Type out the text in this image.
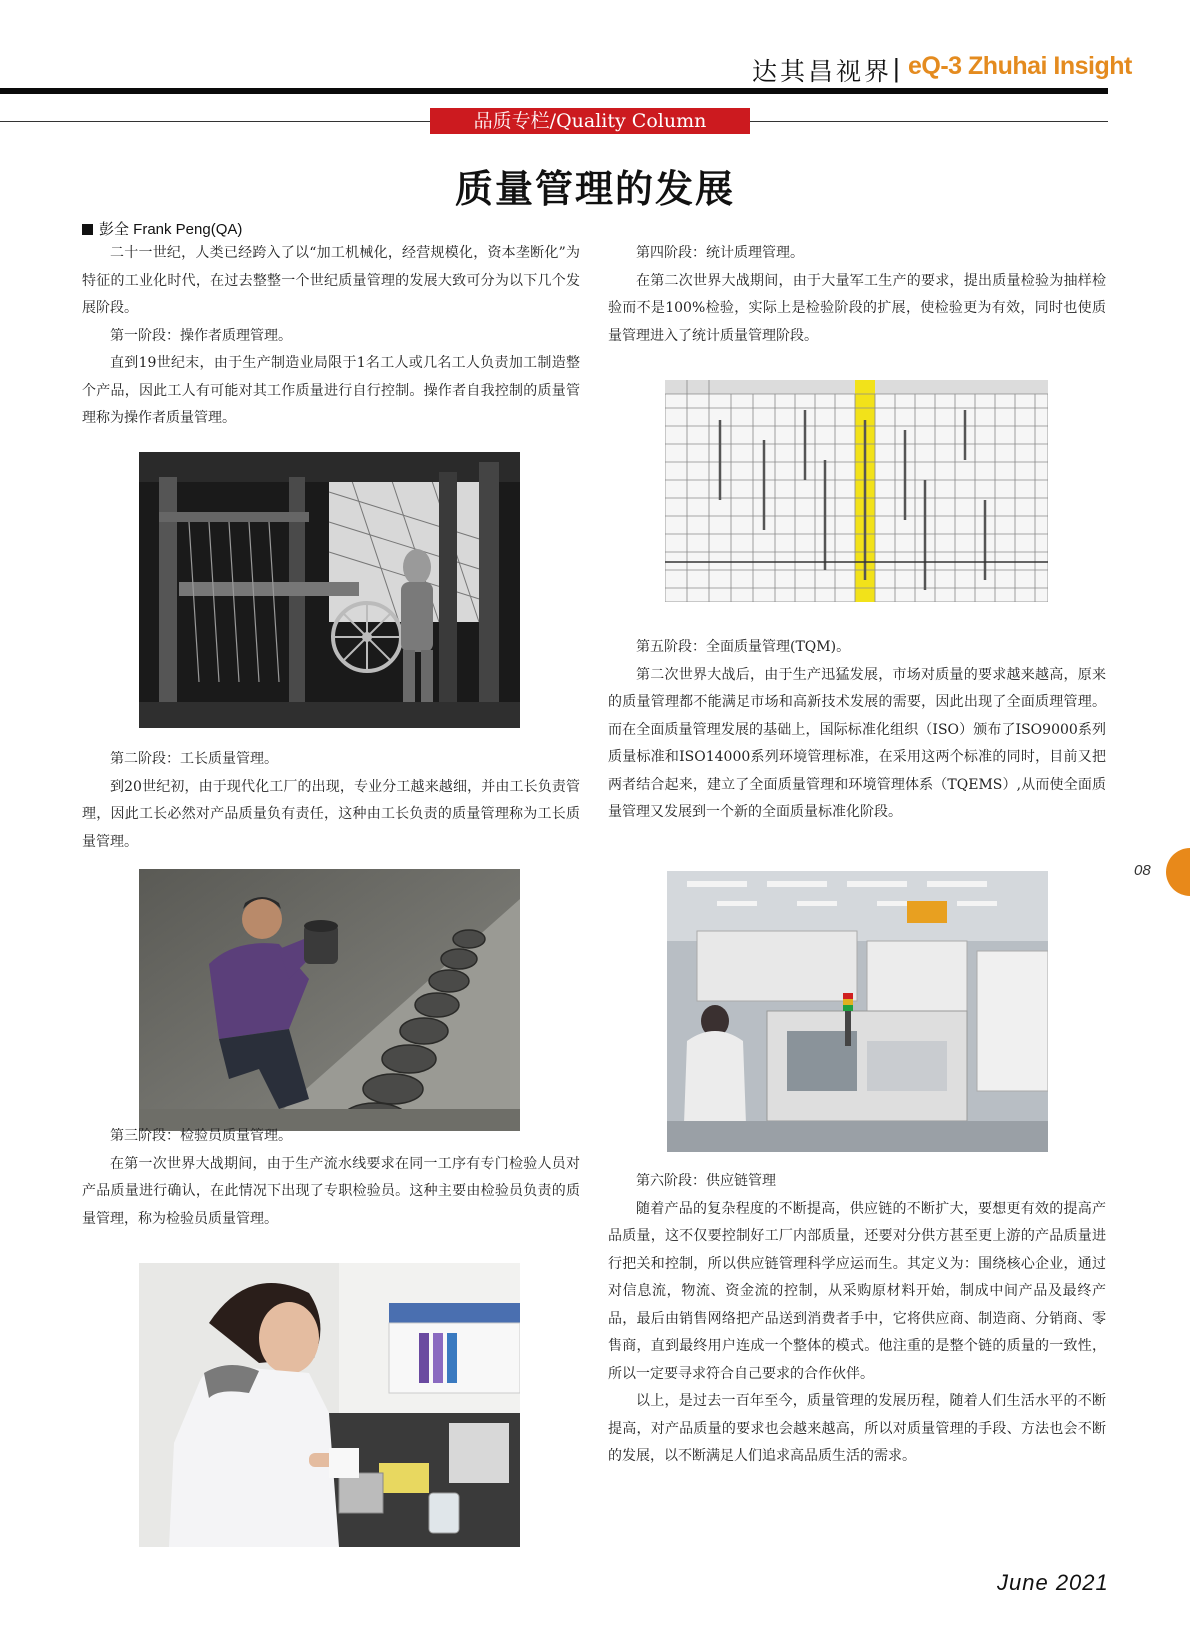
达其昌视界 | eQ-3 Zhuhai Insight
品质专栏/Quality Column
质量管理的发展
彭全 Frank Peng(QA)

二十一世纪，人类已经跨入了以“加工机械化，经营规模化，资本垄断化”为特征的工业化时代，在过去整整一个世纪质量管理的发展大致可分为以下几个发展阶段。

第一阶段：操作者质理管理。

直到19世纪末，由于生产制造业局限于1名工人或几名工人负责加工制造整个产品，因此工人有可能对其工作质量进行自行控制。操作者自我控制的质量管理称为操作者质量管理。

第二阶段：工长质量管理。

到20世纪初，由于现代化工厂的出现，专业分工越来越细，并由工长负责管理，因此工长必然对产品质量负有责任，这种由工长负责的质量管理称为工长质量管理。

第三阶段：检验员质量管理。

在第一次世界大战期间，由于生产流水线要求在同一工序有专门检验人员对产品质量进行确认，在此情况下出现了专职检验员。这种主要由检验员负责的质量管理，称为检验员质量管理。

第四阶段：统计质理管理。

在第二次世界大战期间，由于大量军工生产的要求，提出质量检验为抽样检验而不是100%检验，实际上是检验阶段的扩展，使检验更为有效，同时也使质量管理进入了统计质量管理阶段。

第五阶段：全面质量管理(TQM)。

第二次世界大战后，由于生产迅猛发展，市场对质量的要求越来越高，原来的质量管理都不能满足市场和高新技术发展的需要，因此出现了全面质理管理。而在全面质量管理发展的基础上，国际标准化组织（ISO）颁布了ISO9000系列质量标准和ISO14000系列环境管理标准，在采用这两个标准的同时，目前又把两者结合起来，建立了全面质量管理和环境管理体系（TQEMS）,从而使全面质量管理又发展到一个新的全面质量标准化阶段。

第六阶段：供应链管理

随着产品的复杂程度的不断提高，供应链的不断扩大，要想更有效的提高产品质量，这不仅要控制好工厂内部质量，还要对分供方甚至更上游的产品质量进行把关和控制，所以供应链管理科学应运而生。其定义为：围绕核心企业，通过对信息流，物流、资金流的控制，从采购原材料开始，制成中间产品及最终产品，最后由销售网络把产品送到消费者手中，它将供应商、制造商、分销商、零售商，直到最终用户连成一个整体的模式。他注重的是整个链的质量的一致性，所以一定要寻求符合自己要求的合作伙伴。

以上，是过去一百年至今，质量管理的发展历程，随着人们生活水平的不断提高，对产品质量的要求也会越来越高，所以对质量管理的手段、方法也会不断的发展，以不断满足人们追求高品质生活的需求。

08
June 2021
